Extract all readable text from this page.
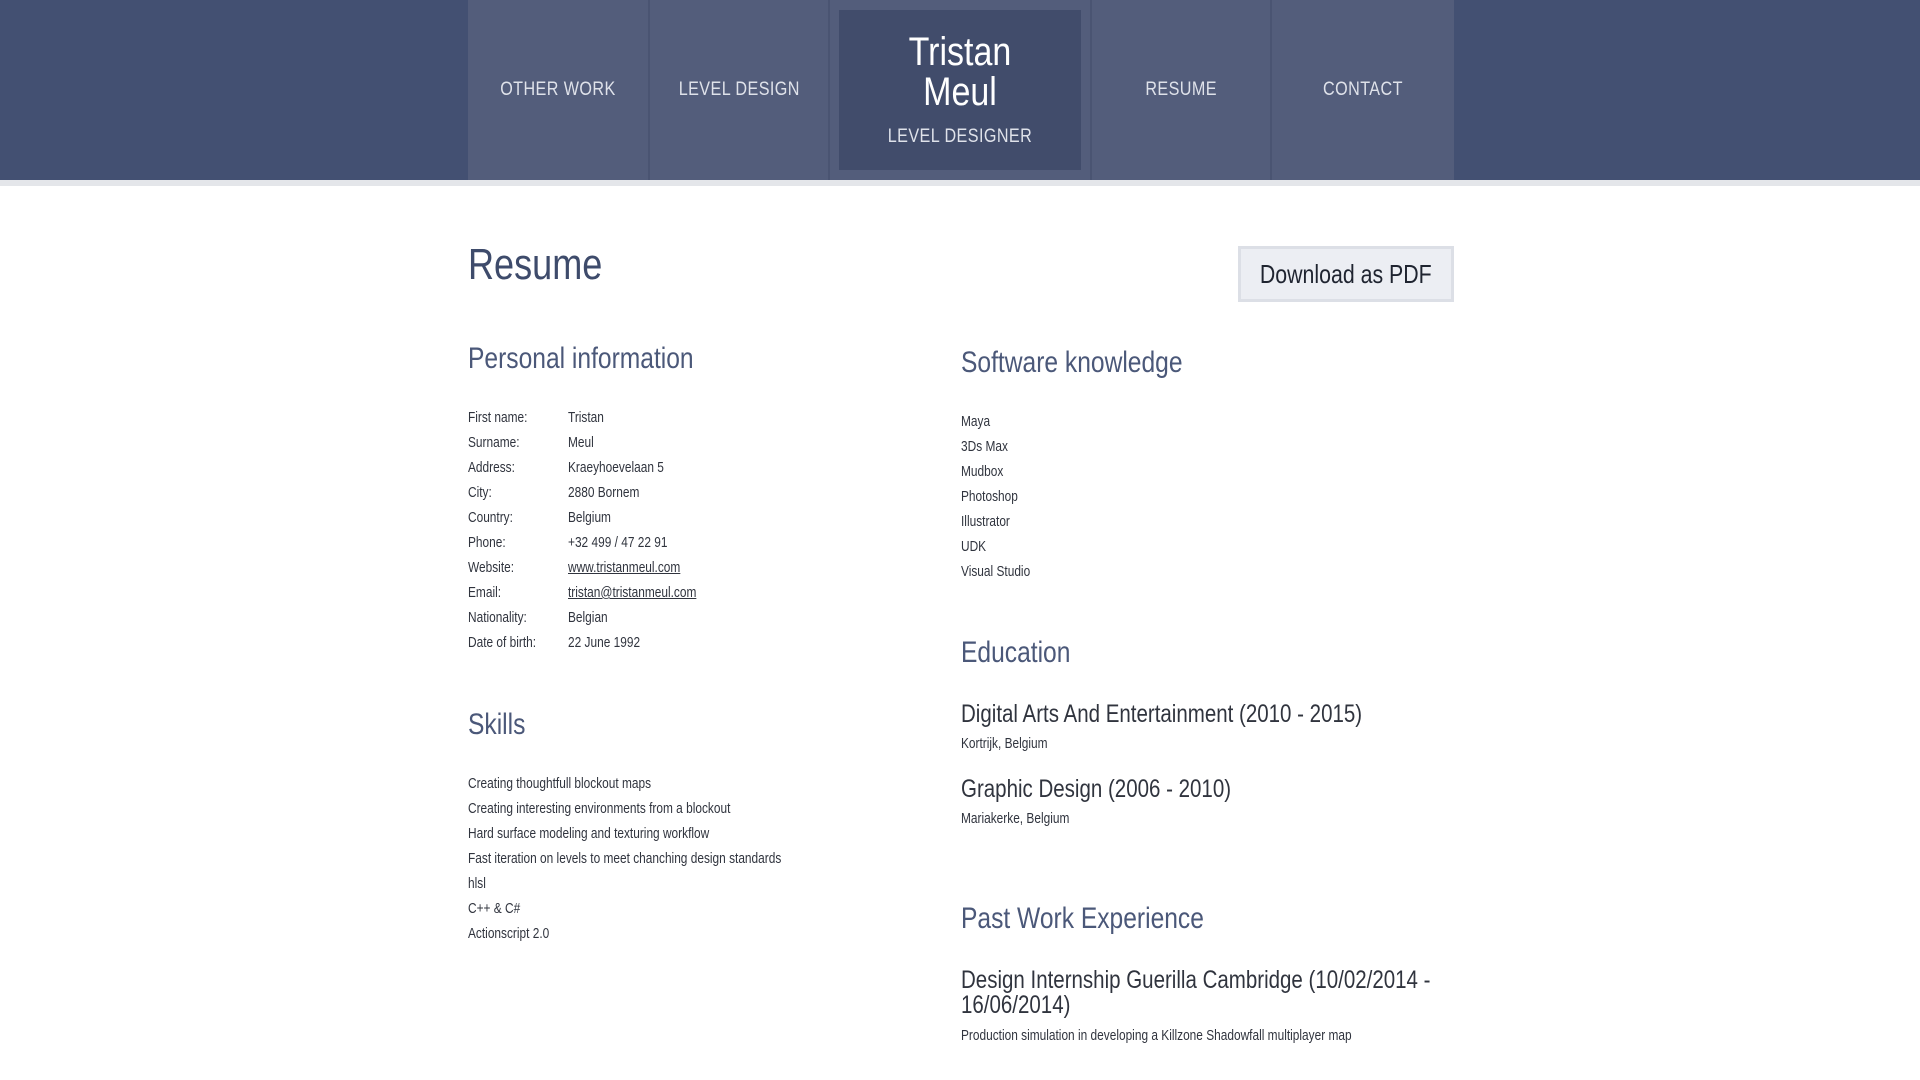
OTHER WORK	LEVEL DESIGN
Tristan Meul
LEVEL DESIGNER
RESUME	CONTACT
Resume	Download as PDF
Personal information
First name:	Tristan
Surname:	Meul
Address:	Kraeyhoevelaan 5
City:	2880 Bornem
Country:	Belgium
Phone:	+32 499 / 47 22 91
Website:	www.tristanmeul.com
Email:	tristan@tristanmeul.com
Nationality:	Belgian
Date of birth:	22 June 1992
Skills
Creating thoughtfull blockout maps
Creating interesting environments from a blockout
Hard surface modeling and texturing workflow
Fast iteration on levels to meet chanching design standards
hlsl
C++ & C#
Actionscript 2.0
Software knowledge
Maya
3Ds Max
Mudbox
Photoshop
Illustrator
UDK
Visual Studio
Education
Digital Arts And Entertainment (2010 - 2015)
Kortrijk, Belgium
Graphic Design (2006 - 2010)
Mariakerke, Belgium
Past Work Experience
Design Internship Guerilla Cambridge (10/02/2014 -
16/06/2014)
Production simulation in developing a Killzone Shadowfall multiplayer map
